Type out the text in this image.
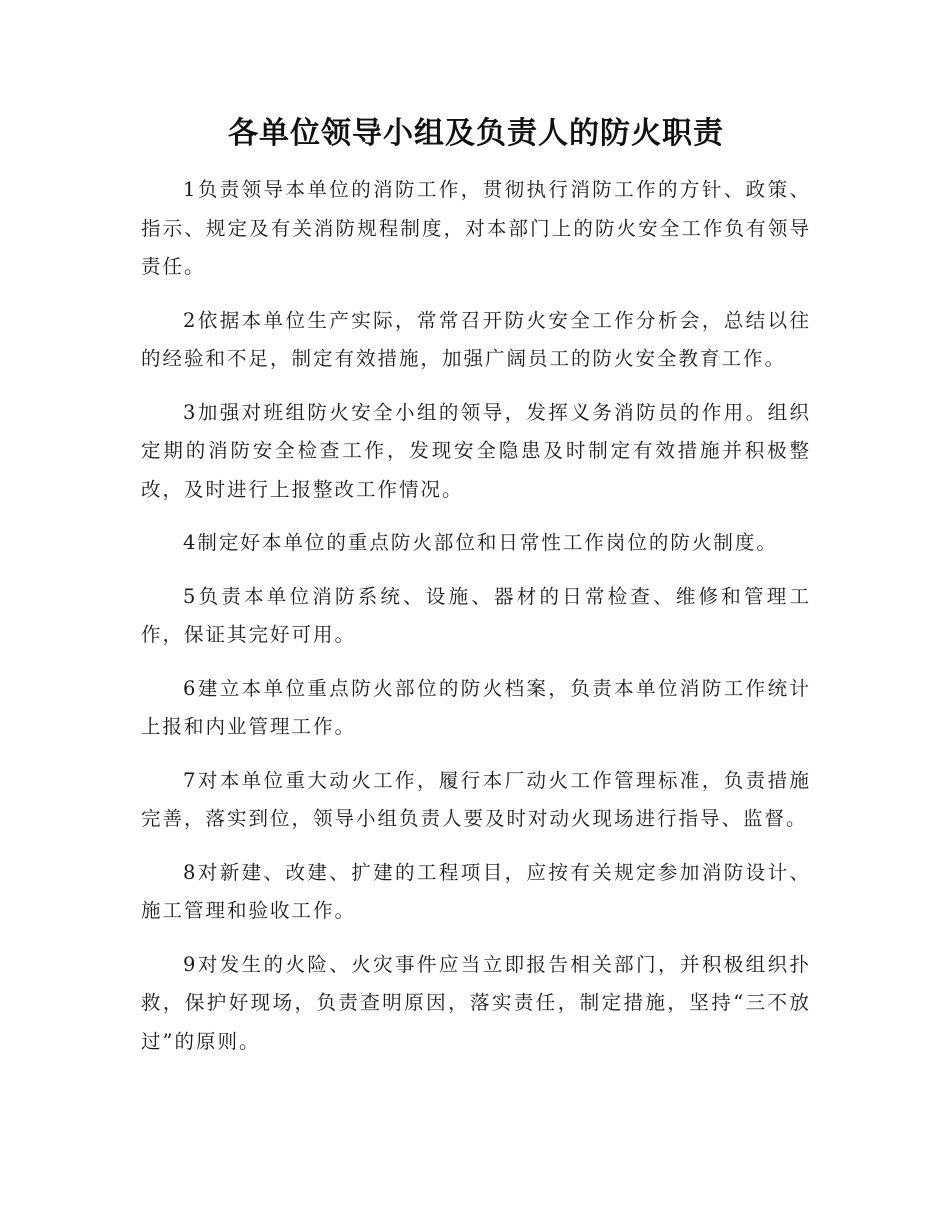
各单位领导小组及负责人的防火职责

1负责领导本单位的消防工作，贯彻执行消防工作的方针、政策、指示、规定及有关消防规程制度，对本部门上的防火安全工作负有领导责任。

2依据本单位生产实际，常常召开防火安全工作分析会，总结以往的经验和不足，制定有效措施，加强广阔员工的防火安全教育工作。

3加强对班组防火安全小组的领导，发挥义务消防员的作用。组织定期的消防安全检查工作，发现安全隐患及时制定有效措施并积极整改，及时进行上报整改工作情况。

4制定好本单位的重点防火部位和日常性工作岗位的防火制度。

5负责本单位消防系统、设施、器材的日常检查、维修和管理工作，保证其完好可用。

6建立本单位重点防火部位的防火档案，负责本单位消防工作统计上报和内业管理工作。

7对本单位重大动火工作，履行本厂动火工作管理标准，负责措施完善，落实到位，领导小组负责人要及时对动火现场进行指导、监督。

8对新建、改建、扩建的工程项目，应按有关规定参加消防设计、施工管理和验收工作。

9对发生的火险、火灾事件应当立即报告相关部门，并积极组织扑救，保护好现场，负责查明原因，落实责任，制定措施，坚持“三不放过”的原则。
